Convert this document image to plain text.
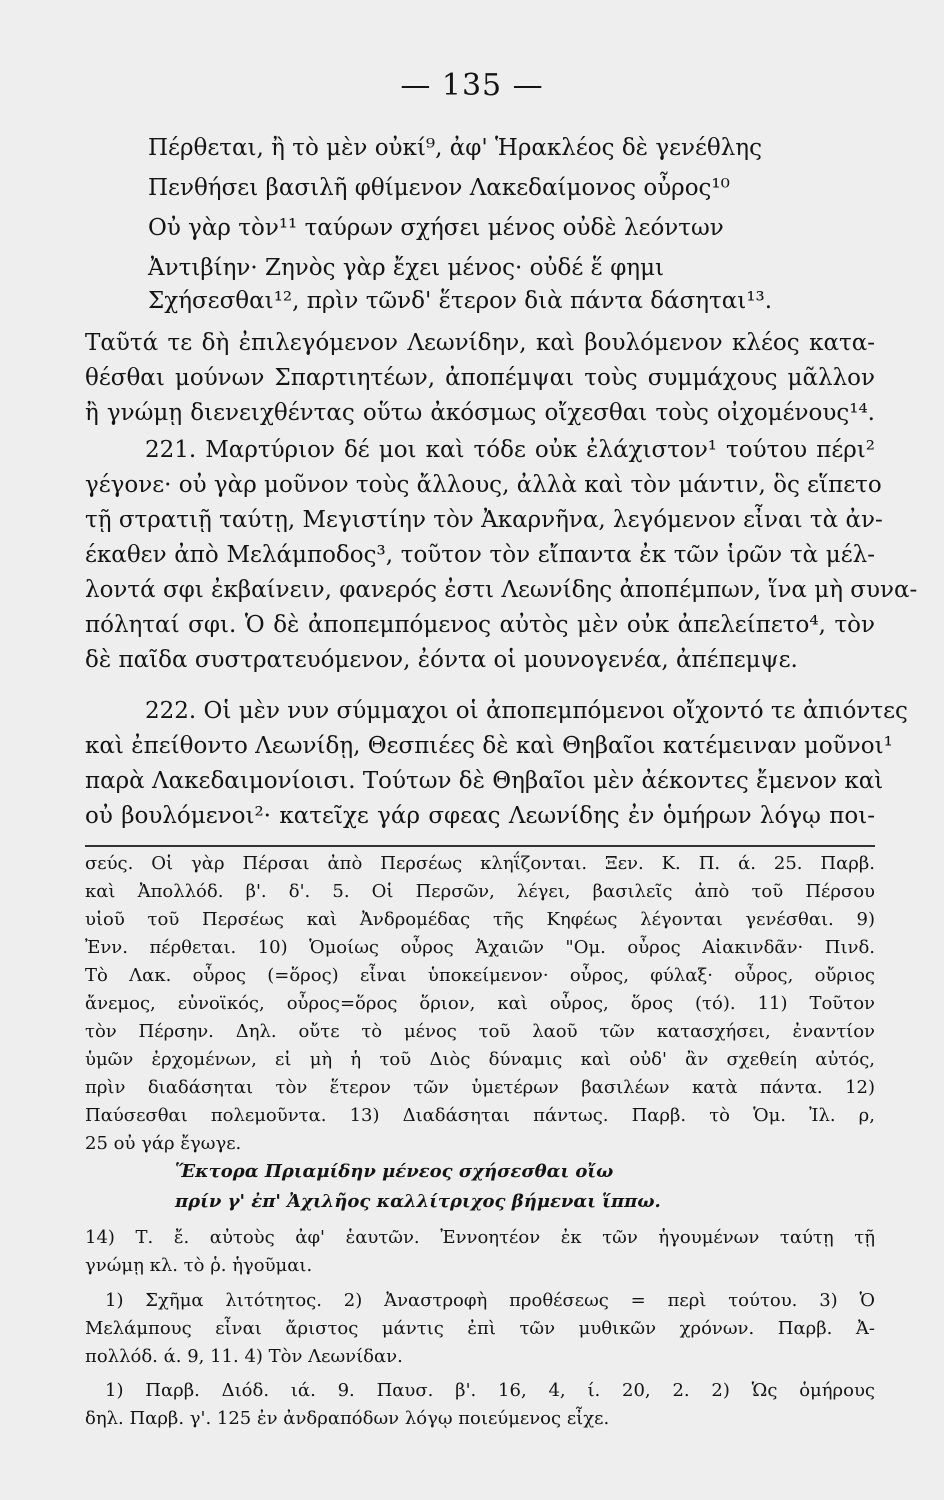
— 135 —
Πέρθεται, ἢ τὸ μὲν οὐκί⁹, ἀφ' Ἡρακλέος δὲ γενέθλης
Πενθήσει βασιλῆ φθίμενον Λακεδαίμονος οὖρος¹⁰
Οὐ γὰρ τὸν¹¹ ταύρων σχήσει μένος οὐδὲ λεόντων
Ἀντιβίην· Ζηνὸς γὰρ ἔχει μένος· οὐδέ ἕ φημι
Σχήσεσθαι¹², πρὶν τῶνδ' ἕτερον διὰ πάντα δάσηται¹³.
Ταῦτά τε δὴ ἐπιλεγόμενον Λεωνίδην, καὶ βουλόμενον κλέος κατα-
θέσθαι μούνων Σπαρτιητέων, ἀποπέμψαι τοὺς συμμάχους μᾶλλον
ἢ γνώμῃ διενειχθέντας οὕτω ἀκόσμως οἴχεσθαι τοὺς οἰχομένους¹⁴.
221. Μαρτύριον δέ μοι καὶ τόδε οὐκ ἐλάχιστον¹ τούτου πέρι²
γέγονε· οὐ γὰρ μοῦνον τοὺς ἄλλους, ἀλλὰ καὶ τὸν μάντιν, ὃς εἵπετο
τῇ στρατιῇ ταύτῃ, Μεγιστίην τὸν Ἀκαρνῆνα, λεγόμενον εἶναι τὰ ἀν-
έκαθεν ἀπὸ Μελάμποδος³, τοῦτον τὸν εἴπαντα ἐκ τῶν ἱρῶν τὰ μέλ-
λοντά σφι ἐκβαίνειν, φανερός ἐστι Λεωνίδης ἀποπέμπων, ἵνα μὴ συνα-
πόληταί σφι. Ὁ δὲ ἀποπεμπόμενος αὐτὸς μὲν οὐκ ἀπελείπετο⁴, τὸν
δὲ παῖδα συστρατευόμενον, ἐόντα οἱ μουνογενέα, ἀπέπεμψε.
222. Οἱ μὲν νυν σύμμαχοι οἱ ἀποπεμπόμενοι οἴχοντό τε ἀπιόντες
καὶ ἐπείθοντο Λεωνίδῃ, Θεσπιέες δὲ καὶ Θηβαῖοι κατέμειναν μοῦνοι¹
παρὰ Λακεδαιμονίοισι. Τούτων δὲ Θηβαῖοι μὲν ἀέκοντες ἔμενον καὶ
οὐ βουλόμενοι²· κατεῖχε γάρ σφεας Λεωνίδης ἐν ὁμήρων λόγῳ ποι-
σεύς. Οἱ γὰρ Πέρσαι ἀπὸ Περσέως κληΐζονται. Ξεν. Κ. Π. ά. 25. Παρβ.
καὶ Ἀπολλόδ. β'. δ'. 5. Οἱ Περσῶν, λέγει, βασιλεῖς ἀπὸ τοῦ Πέρσου
υἱοῦ τοῦ Περσέως καὶ Ἀνδρομέδας τῆς Κηφέως λέγονται γενέσθαι. 9)
Ἐνν. πέρθεται. 10) Ὁμοίως οὖρος Ἀχαιῶν "Ομ. οὖρος Αἰακινδᾶν· Πινδ.
Τὸ Λακ. οὖρος (=ὅρος) εἶναι ὑποκείμενον· οὖρος, φύλαξ· οὖρος, οὔριος
ἄνεμος, εὐνοϊκός, οὖρος=ὅρος ὅριον, καὶ οὖρος, ὅρος (τό). 11) Τοῦτον
τὸν Πέρσην. Δηλ. οὔτε τὸ μένος τοῦ λαοῦ τῶν κατασχήσει, ἐναντίον
ὑμῶν ἐρχομένων, εἰ μὴ ἡ τοῦ Διὸς δύναμις καὶ οὐδ' ἂν σχεθείη αὐτός,
πρὶν διαδάσηται τὸν ἕτερον τῶν ὑμετέρων βασιλέων κατὰ πάντα. 12)
Παύσεσθαι πολεμοῦντα. 13) Διαδάσηται πάντως. Παρβ. τὸ Ὁμ. Ἰλ. ρ,
25 οὐ γάρ ἔγωγε.
Ἕκτορα Πριαμίδην μένεος σχήσεσθαι οἴω
πρίν γ' ἐπ' Ἀχιλῆος καλλίτριχος βήμεναι ἵππω.
14) Τ. ἔ. αὐτοὺς ἀφ' ἑαυτῶν. Ἐννοητέον ἐκ τῶν ἡγουμένων ταύτῃ τῇ
γνώμῃ κλ. τὸ ῥ. ἡγοῦμαι.
1) Σχῆμα λιτότητος. 2) Ἀναστροφὴ προθέσεως = περὶ τούτου. 3) Ὁ
Μελάμπους εἶναι ἄριστος μάντις ἐπὶ τῶν μυθικῶν χρόνων. Παρβ. Ἀ-
πολλόδ. ά. 9, 11. 4) Τὸν Λεωνίδαν.
1) Παρβ. Διόδ. ιά. 9. Παυσ. β'. 16, 4, ί. 20, 2. 2) Ὡς ὁμήρους
δηλ. Παρβ. γ'. 125 ἐν ἀνδραπόδων λόγῳ ποιεύμενος εἶχε.
